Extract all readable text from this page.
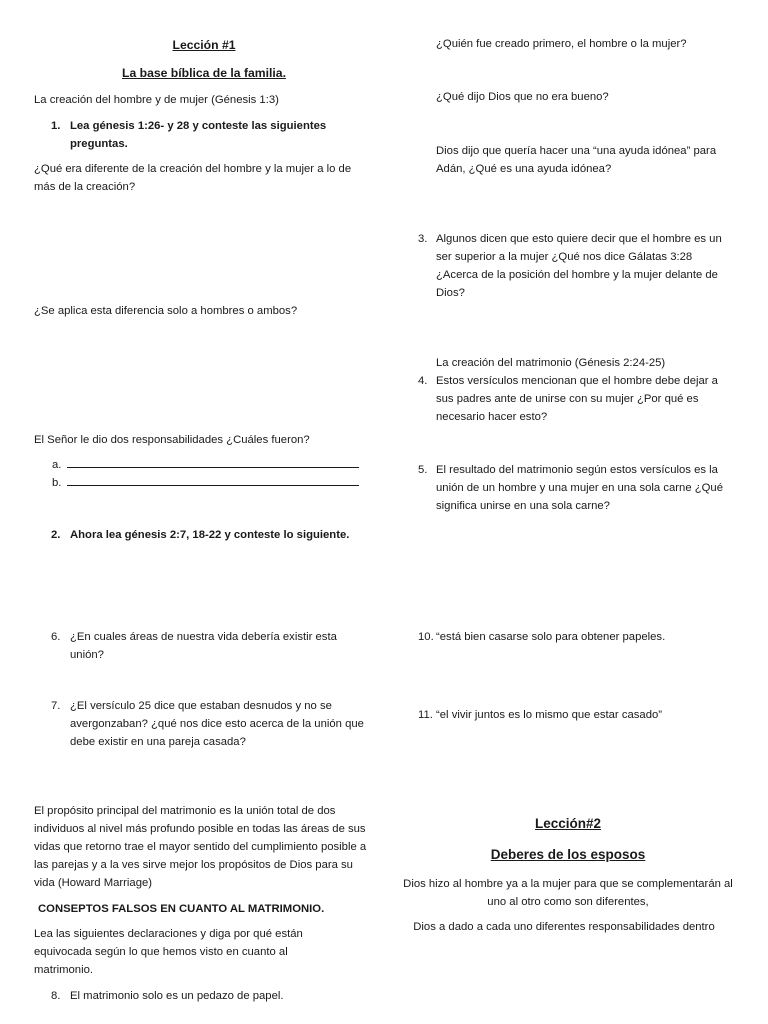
Lección #1

La base bíblica de la familia.

La creación del hombre y de mujer (Génesis 1:3)

1. Lea génesis 1:26- y 28 y conteste las siguientes preguntas.

¿Qué era diferente de la creación del hombre y la mujer a lo de más de la creación?

¿Se aplica esta diferencia solo a hombres o ambos?

El Señor le dio dos responsabilidades ¿Cuáles fueron?

a.
b.
2. Ahora lea génesis 2:7, 18-22 y conteste lo siguiente.
6. ¿En cuales áreas de nuestra vida debería existir esta unión?
7. ¿El versículo 25 dice que estaban desnudos y no se avergonzaban? ¿qué nos dice esto acerca de la unión que debe existir en una pareja casada?

El propósito principal del matrimonio es la unión total de dos individuos al nivel más profundo posible en todas las áreas de sus vidas que retorno trae el mayor sentido del cumplimiento posible a las parejas y a la ves sirve mejor los propósitos de Dios para su vida (Howard Marriage)

CONSEPTOS FALSOS EN CUANTO AL MATRIMONIO.

Lea las siguientes declaraciones y diga por qué están equivocada según lo que hemos visto en cuanto al matrimonio.

8. El matrimonio solo es un pedazo de papel.

¿Quién fue creado primero, el hombre o la mujer?

¿Qué dijo Dios que no era bueno?

Dios dijo que quería hacer una “una ayuda idónea” para Adán, ¿Qué es una ayuda idónea?

3. Algunos dicen que esto quiere decir que el hombre es un ser superior a la mujer ¿Qué nos dice Gálatas 3:28 ¿Acerca de la posición del hombre y la mujer delante de Dios?

La creación del matrimonio (Génesis 2:24-25)

4. Estos versículos mencionan que el hombre debe dejar a sus padres ante de unirse con su mujer ¿Por qué es necesario hacer esto?
5. El resultado del matrimonio según estos versículos es la unión de un hombre y una mujer en una sola carne ¿Qué significa unirse en una sola carne?
10. “está bien casarse solo para obtener papeles.
11. “el vivir juntos es lo mismo que estar casado”

Lección#2

Deberes de los esposos

Dios hizo al hombre ya a la mujer para que se complementarán al uno al otro como son diferentes,

Dios a dado a cada uno diferentes responsabilidades dentro
